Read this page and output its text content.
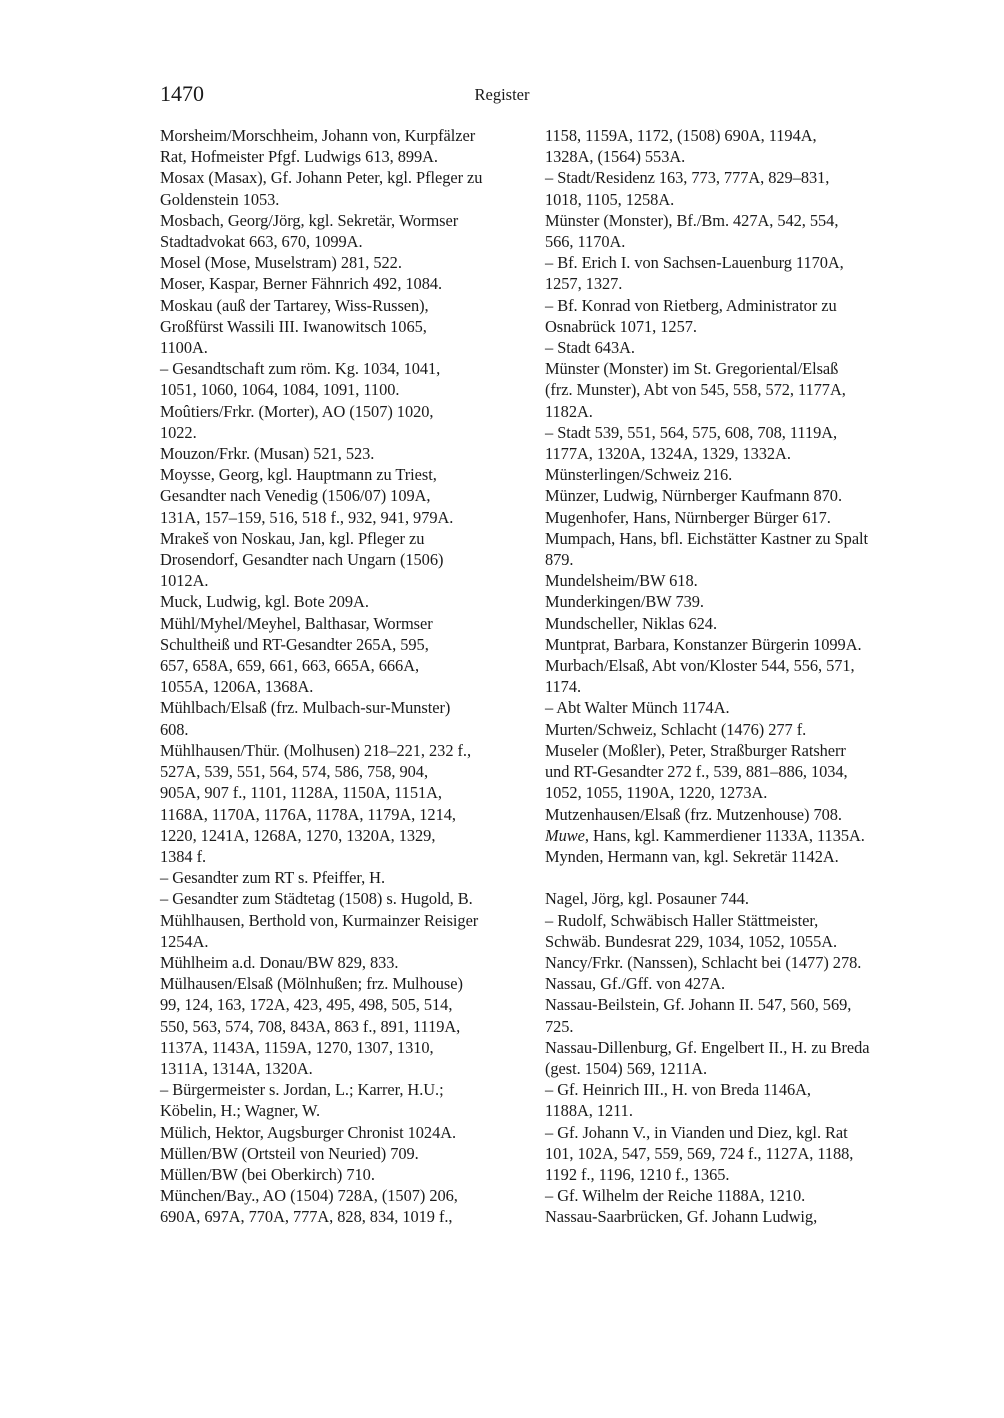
1470	Register
Morsheim/Morschheim, Johann von, Kurpfälzer
Rat, Hofmeister Pfgf. Ludwigs 613, 899A.
Mosax (Masax), Gf. Johann Peter, kgl. Pfleger zu
Goldenstein 1053.
Mosbach, Georg/Jörg, kgl. Sekretär, Wormser
Stadtadvokat 663, 670, 1099A.
Mosel (Mose, Muselstram) 281, 522.
Moser, Kaspar, Berner Fähnrich 492, 1084.
Moskau (auß der Tartarey, Wiss-Russen),
Großfürst Wassili III. Iwanowitsch 1065,
1100A.
– Gesandtschaft zum röm. Kg. 1034, 1041,
1051, 1060, 1064, 1084, 1091, 1100.
Moûtiers/Frkr. (Morter), AO (1507) 1020,
1022.
Mouzon/Frkr. (Musan) 521, 523.
Moysse, Georg, kgl. Hauptmann zu Triest,
Gesandter nach Venedig (1506/07) 109A,
131A, 157–159, 516, 518 f., 932, 941, 979A.
Mrakeš von Noskau, Jan, kgl. Pfleger zu
Drosendorf, Gesandter nach Ungarn (1506)
1012A.
Muck, Ludwig, kgl. Bote 209A.
Mühl/Myhel/Meyhel, Balthasar, Wormser
Schultheiß und RT-Gesandter 265A, 595,
657, 658A, 659, 661, 663, 665A, 666A,
1055A, 1206A, 1368A.
Mühlbach/Elsaß (frz. Mulbach-sur-Munster)
608.
Mühlhausen/Thür. (Molhusen) 218–221, 232 f.,
527A, 539, 551, 564, 574, 586, 758, 904,
905A, 907 f., 1101, 1128A, 1150A, 1151A,
1168A, 1170A, 1176A, 1178A, 1179A, 1214,
1220, 1241A, 1268A, 1270, 1320A, 1329,
1384 f.
– Gesandter zum RT s. Pfeiffer, H.
– Gesandter zum Städtetag (1508) s. Hugold, B.
Mühlhausen, Berthold von, Kurmainzer Reisiger
1254A.
Mühlheim a.d. Donau/BW 829, 833.
Mülhausen/Elsaß (Mölnhußen; frz. Mulhouse)
99, 124, 163, 172A, 423, 495, 498, 505, 514,
550, 563, 574, 708, 843A, 863 f., 891, 1119A,
1137A, 1143A, 1159A, 1270, 1307, 1310,
1311A, 1314A, 1320A.
– Bürgermeister s. Jordan, L.; Karrer, H.U.;
Köbelin, H.; Wagner, W.
Mülich, Hektor, Augsburger Chronist 1024A.
Müllen/BW (Ortsteil von Neuried) 709.
Müllen/BW (bei Oberkirch) 710.
München/Bay., AO (1504) 728A, (1507) 206,
690A, 697A, 770A, 777A, 828, 834, 1019 f.,
1158, 1159A, 1172, (1508) 690A, 1194A,
1328A, (1564) 553A.
– Stadt/Residenz 163, 773, 777A, 829–831,
1018, 1105, 1258A.
Münster (Monster), Bf./Bm. 427A, 542, 554,
566, 1170A.
– Bf. Erich I. von Sachsen-Lauenburg 1170A,
1257, 1327.
– Bf. Konrad von Rietberg, Administrator zu
Osnabrück 1071, 1257.
– Stadt 643A.
Münster (Monster) im St. Gregoriental/Elsaß
(frz. Munster), Abt von 545, 558, 572, 1177A,
1182A.
– Stadt 539, 551, 564, 575, 608, 708, 1119A,
1177A, 1320A, 1324A, 1329, 1332A.
Münsterlingen/Schweiz 216.
Münzer, Ludwig, Nürnberger Kaufmann 870.
Mugenhofer, Hans, Nürnberger Bürger 617.
Mumpach, Hans, bfl. Eichstätter Kastner zu Spalt
879.
Mundelsheim/BW 618.
Munderkingen/BW 739.
Mundscheller, Niklas 624.
Muntprat, Barbara, Konstanzer Bürgerin 1099A.
Murbach/Elsaß, Abt von/Kloster 544, 556, 571,
1174.
– Abt Walter Münch 1174A.
Murten/Schweiz, Schlacht (1476) 277 f.
Museler (Moßler), Peter, Straßburger Ratsherr
und RT-Gesandter 272 f., 539, 881–886, 1034,
1052, 1055, 1190A, 1220, 1273A.
Mutzenhausen/Elsaß (frz. Mutzenhouse) 708.
Muwe, Hans, kgl. Kammerdiener 1133A, 1135A.
Mynden, Hermann van, kgl. Sekretär 1142A.
Nagel, Jörg, kgl. Posauner 744.
– Rudolf, Schwäbisch Haller Stättmeister,
Schwäb. Bundesrat 229, 1034, 1052, 1055A.
Nancy/Frkr. (Nanssen), Schlacht bei (1477) 278.
Nassau, Gf./Gff. von 427A.
Nassau-Beilstein, Gf. Johann II. 547, 560, 569,
725.
Nassau-Dillenburg, Gf. Engelbert II., H. zu Breda
(gest. 1504) 569, 1211A.
– Gf. Heinrich III., H. von Breda 1146A,
1188A, 1211.
– Gf. Johann V., in Vianden und Diez, kgl. Rat
101, 102A, 547, 559, 569, 724 f., 1127A, 1188,
1192 f., 1196, 1210 f., 1365.
– Gf. Wilhelm der Reiche 1188A, 1210.
Nassau-Saarbrücken, Gf. Johann Ludwig,
